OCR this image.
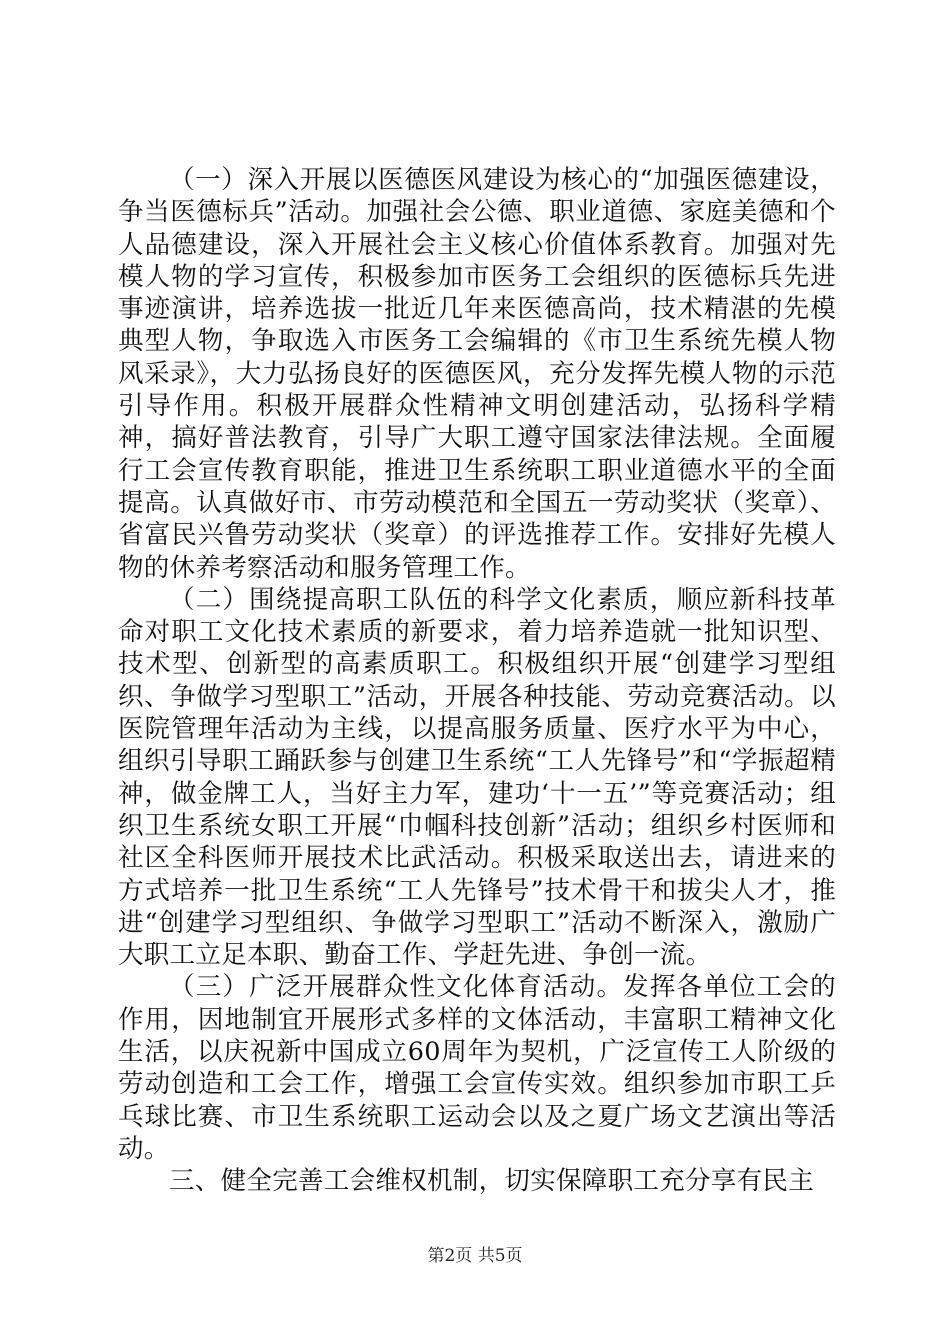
（一）深入开展以医德医风建设为核心的“加强医德建设，争当医德标兵”活动。加强社会公德、职业道德、家庭美德和个人品德建设，深入开展社会主义核心价值体系教育。加强对先模人物的学习宣传，积极参加市医务工会组织的医德标兵先进事迹演讲，培养选拔一批近几年来医德高尚，技术精湛的先模典型人物，争取选入市医务工会编辑的《市卫生系统先模人物风采录》，大力弘扬良好的医德医风，充分发挥先模人物的示范引导作用。积极开展群众性精神文明创建活动，弘扬科学精神，搞好普法教育，引导广大职工遵守国家法律法规。全面履行工会宣传教育职能，推进卫生系统职工职业道德水平的全面提高。认真做好市、市劳动模范和全国五一劳动奖状（奖章）、省富民兴鲁劳动奖状（奖章）的评选推荐工作。安排好先模人物的休养考察活动和服务管理工作。

（二）围绕提高职工队伍的科学文化素质，顺应新科技革命对职工文化技术素质的新要求，着力培养造就一批知识型、技术型、创新型的高素质职工。积极组织开展“创建学习型组织、争做学习型职工”活动，开展各种技能、劳动竞赛活动。以医院管理年活动为主线，以提高服务质量、医疗水平为中心，组织引导职工踊跃参与创建卫生系统“工人先锋号”和“学振超精神，做金牌工人，当好主力军，建功‘十一五’”等竞赛活动；组织卫生系统女职工开展“巾帼科技创新”活动；组织乡村医师和社区全科医师开展技术比武活动。积极采取送出去，请进来的方式培养一批卫生系统“工人先锋号”技术骨干和拔尖人才，推进“创建学习型组织、争做学习型职工”活动不断深入，激励广大职工立足本职、勤奋工作、学赶先进、争创一流。

（三）广泛开展群众性文化体育活动。发挥各单位工会的作用，因地制宜开展形式多样的文体活动，丰富职工精神文化生活，以庆祝新中国成立60周年为契机，广泛宣传工人阶级的劳动创造和工会工作，增强工会宣传实效。组织参加市职工乒乓球比赛、市卫生系统职工运动会以及之夏广场文艺演出等活动。

三、健全完善工会维权机制，切实保障职工充分享有民主

第2页 共5页
